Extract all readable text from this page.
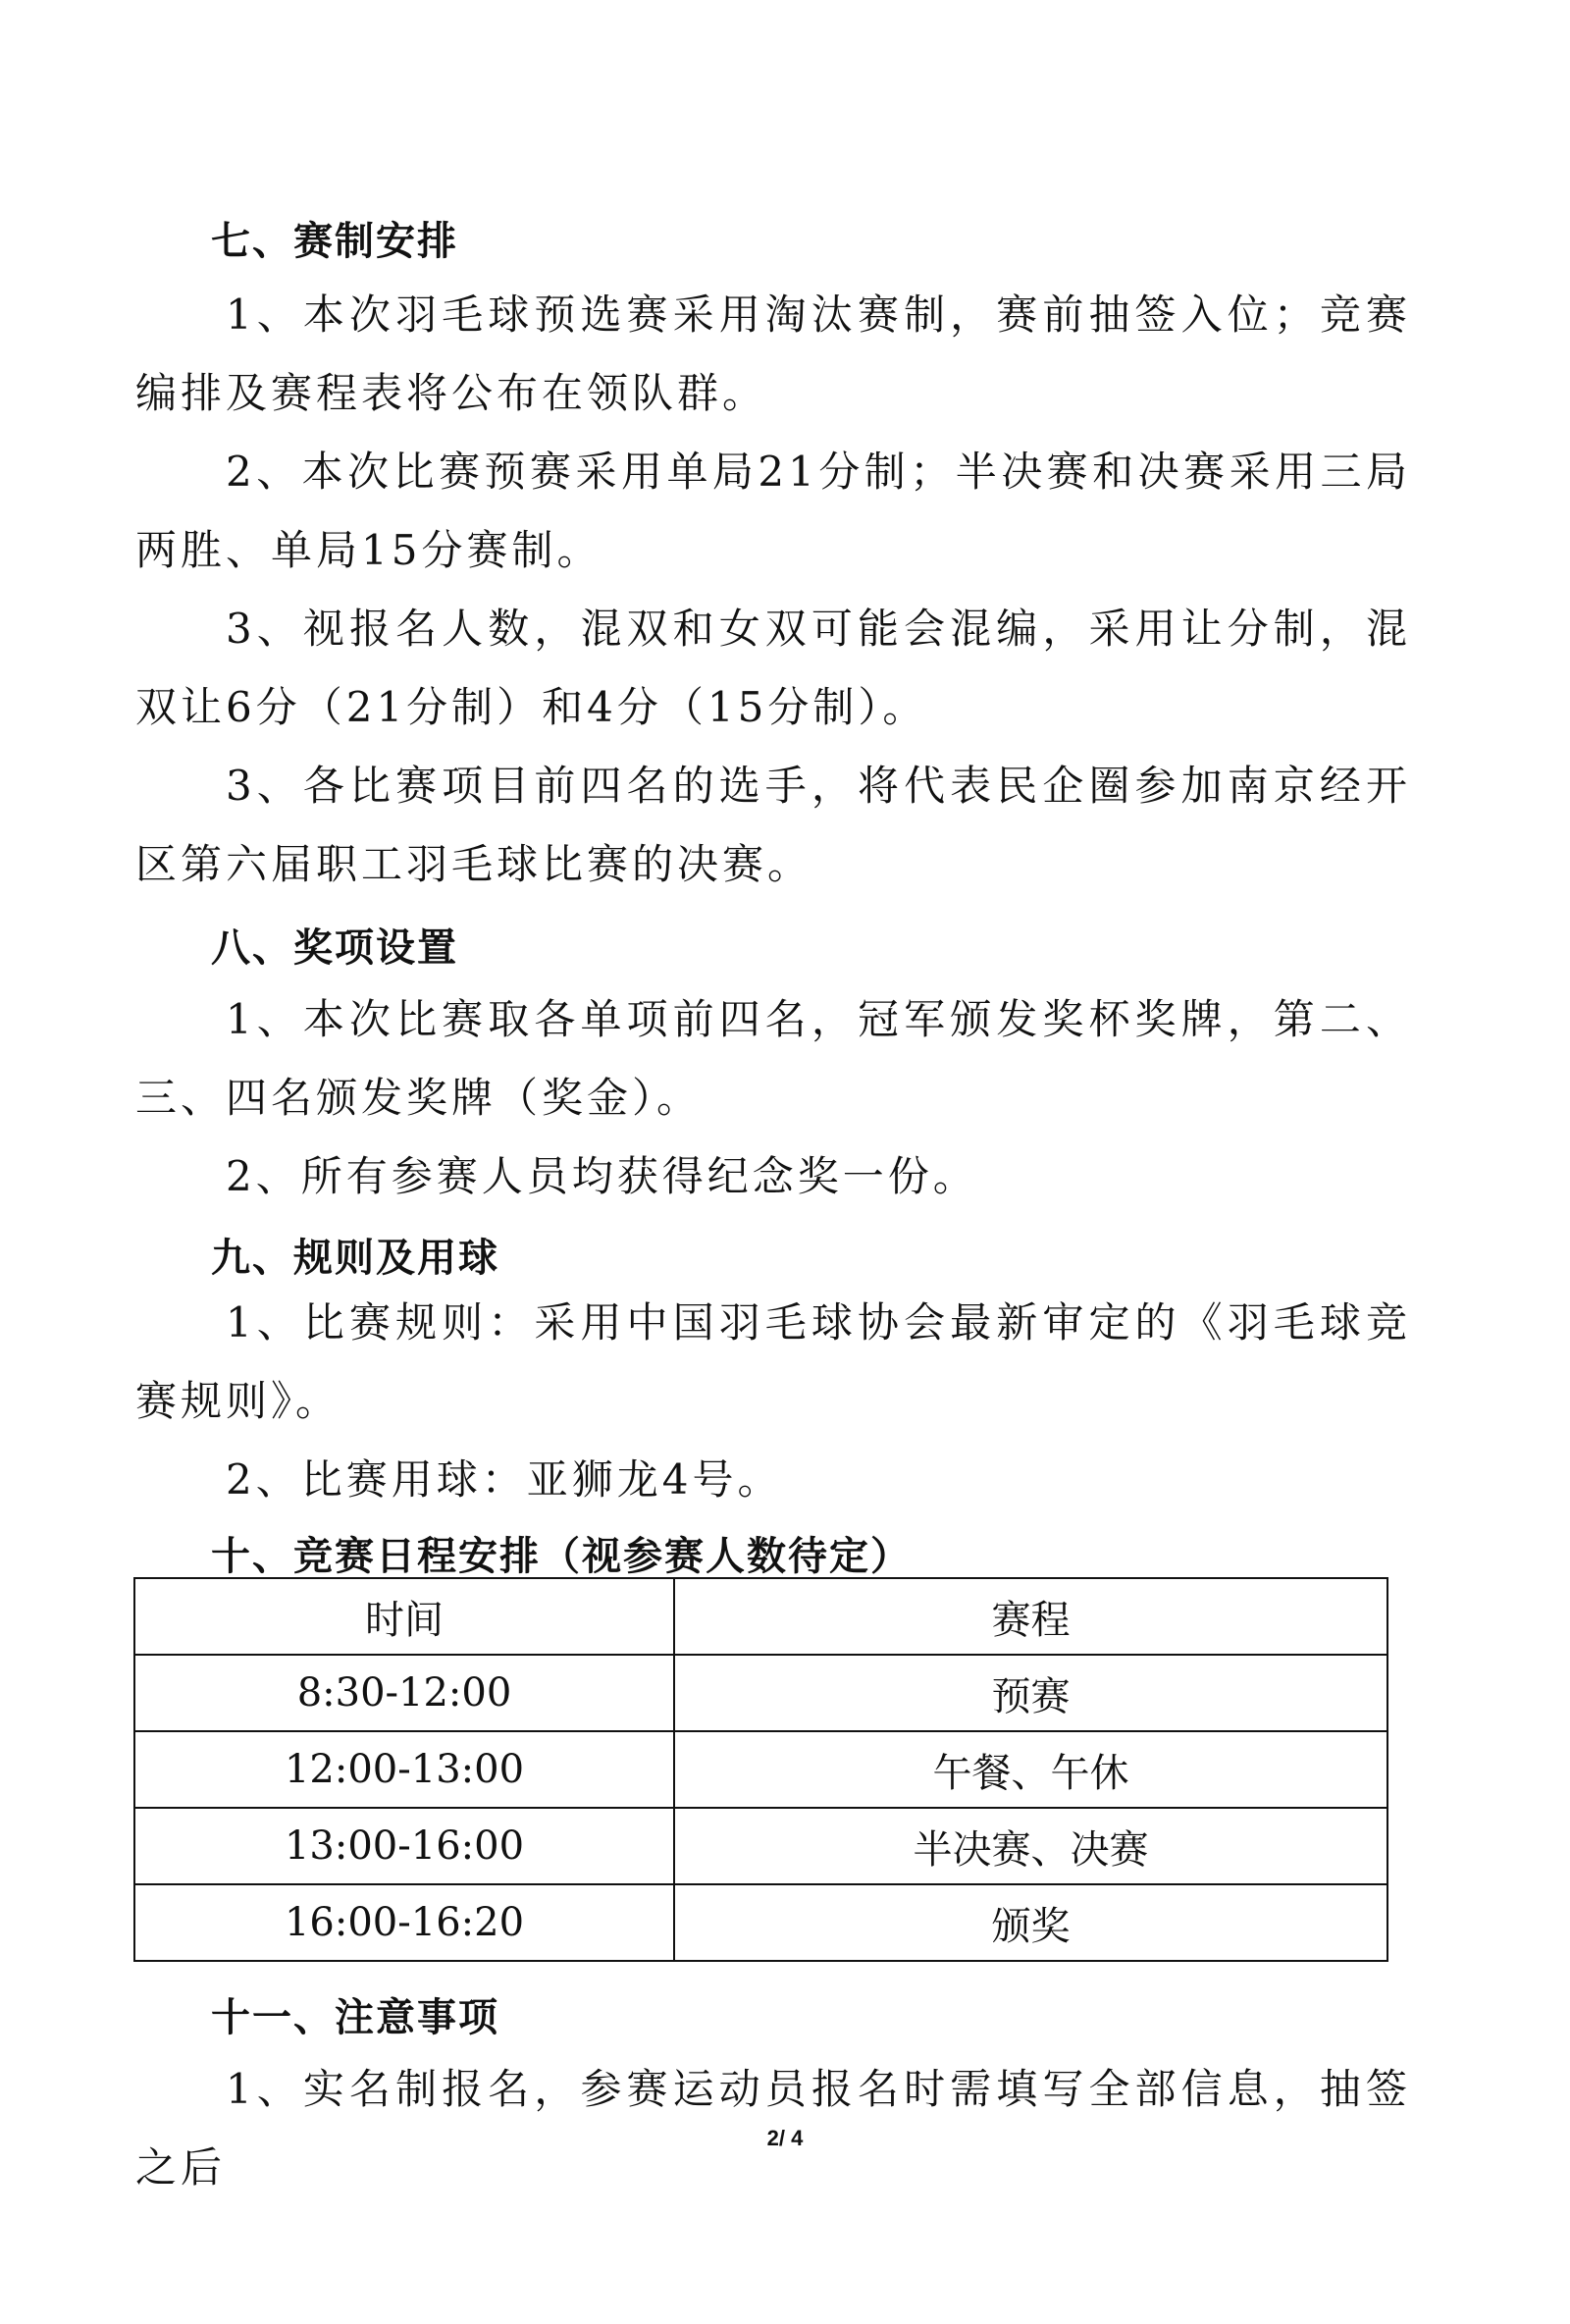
七、赛制安排
1、本次羽毛球预选赛采用淘汰赛制，赛前抽签入位；竞赛编排及赛程表将公布在领队群。
2、本次比赛预赛采用单局21分制；半决赛和决赛采用三局两胜、单局15分赛制。
3、视报名人数，混双和女双可能会混编，采用让分制，混双让6分（21分制）和4分（15分制）。
3、各比赛项目前四名的选手，将代表民企圈参加南京经开区第六届职工羽毛球比赛的决赛。
八、奖项设置
1、本次比赛取各单项前四名，冠军颁发奖杯奖牌，第二、三、四名颁发奖牌（奖金）。
2、所有参赛人员均获得纪念奖一份。
九、规则及用球
1、比赛规则：采用中国羽毛球协会最新审定的《羽毛球竞赛规则》。
2、比赛用球：亚狮龙4号。
十、竞赛日程安排（视参赛人数待定）
时间	赛程
8:30-12:00	预赛
12:00-13:00	午餐、午休
13:00-16:00	半决赛、决赛
16:00-16:20	颁奖
十一、注意事项
1、实名制报名，参赛运动员报名时需填写全部信息，抽签之后
2/ 4
